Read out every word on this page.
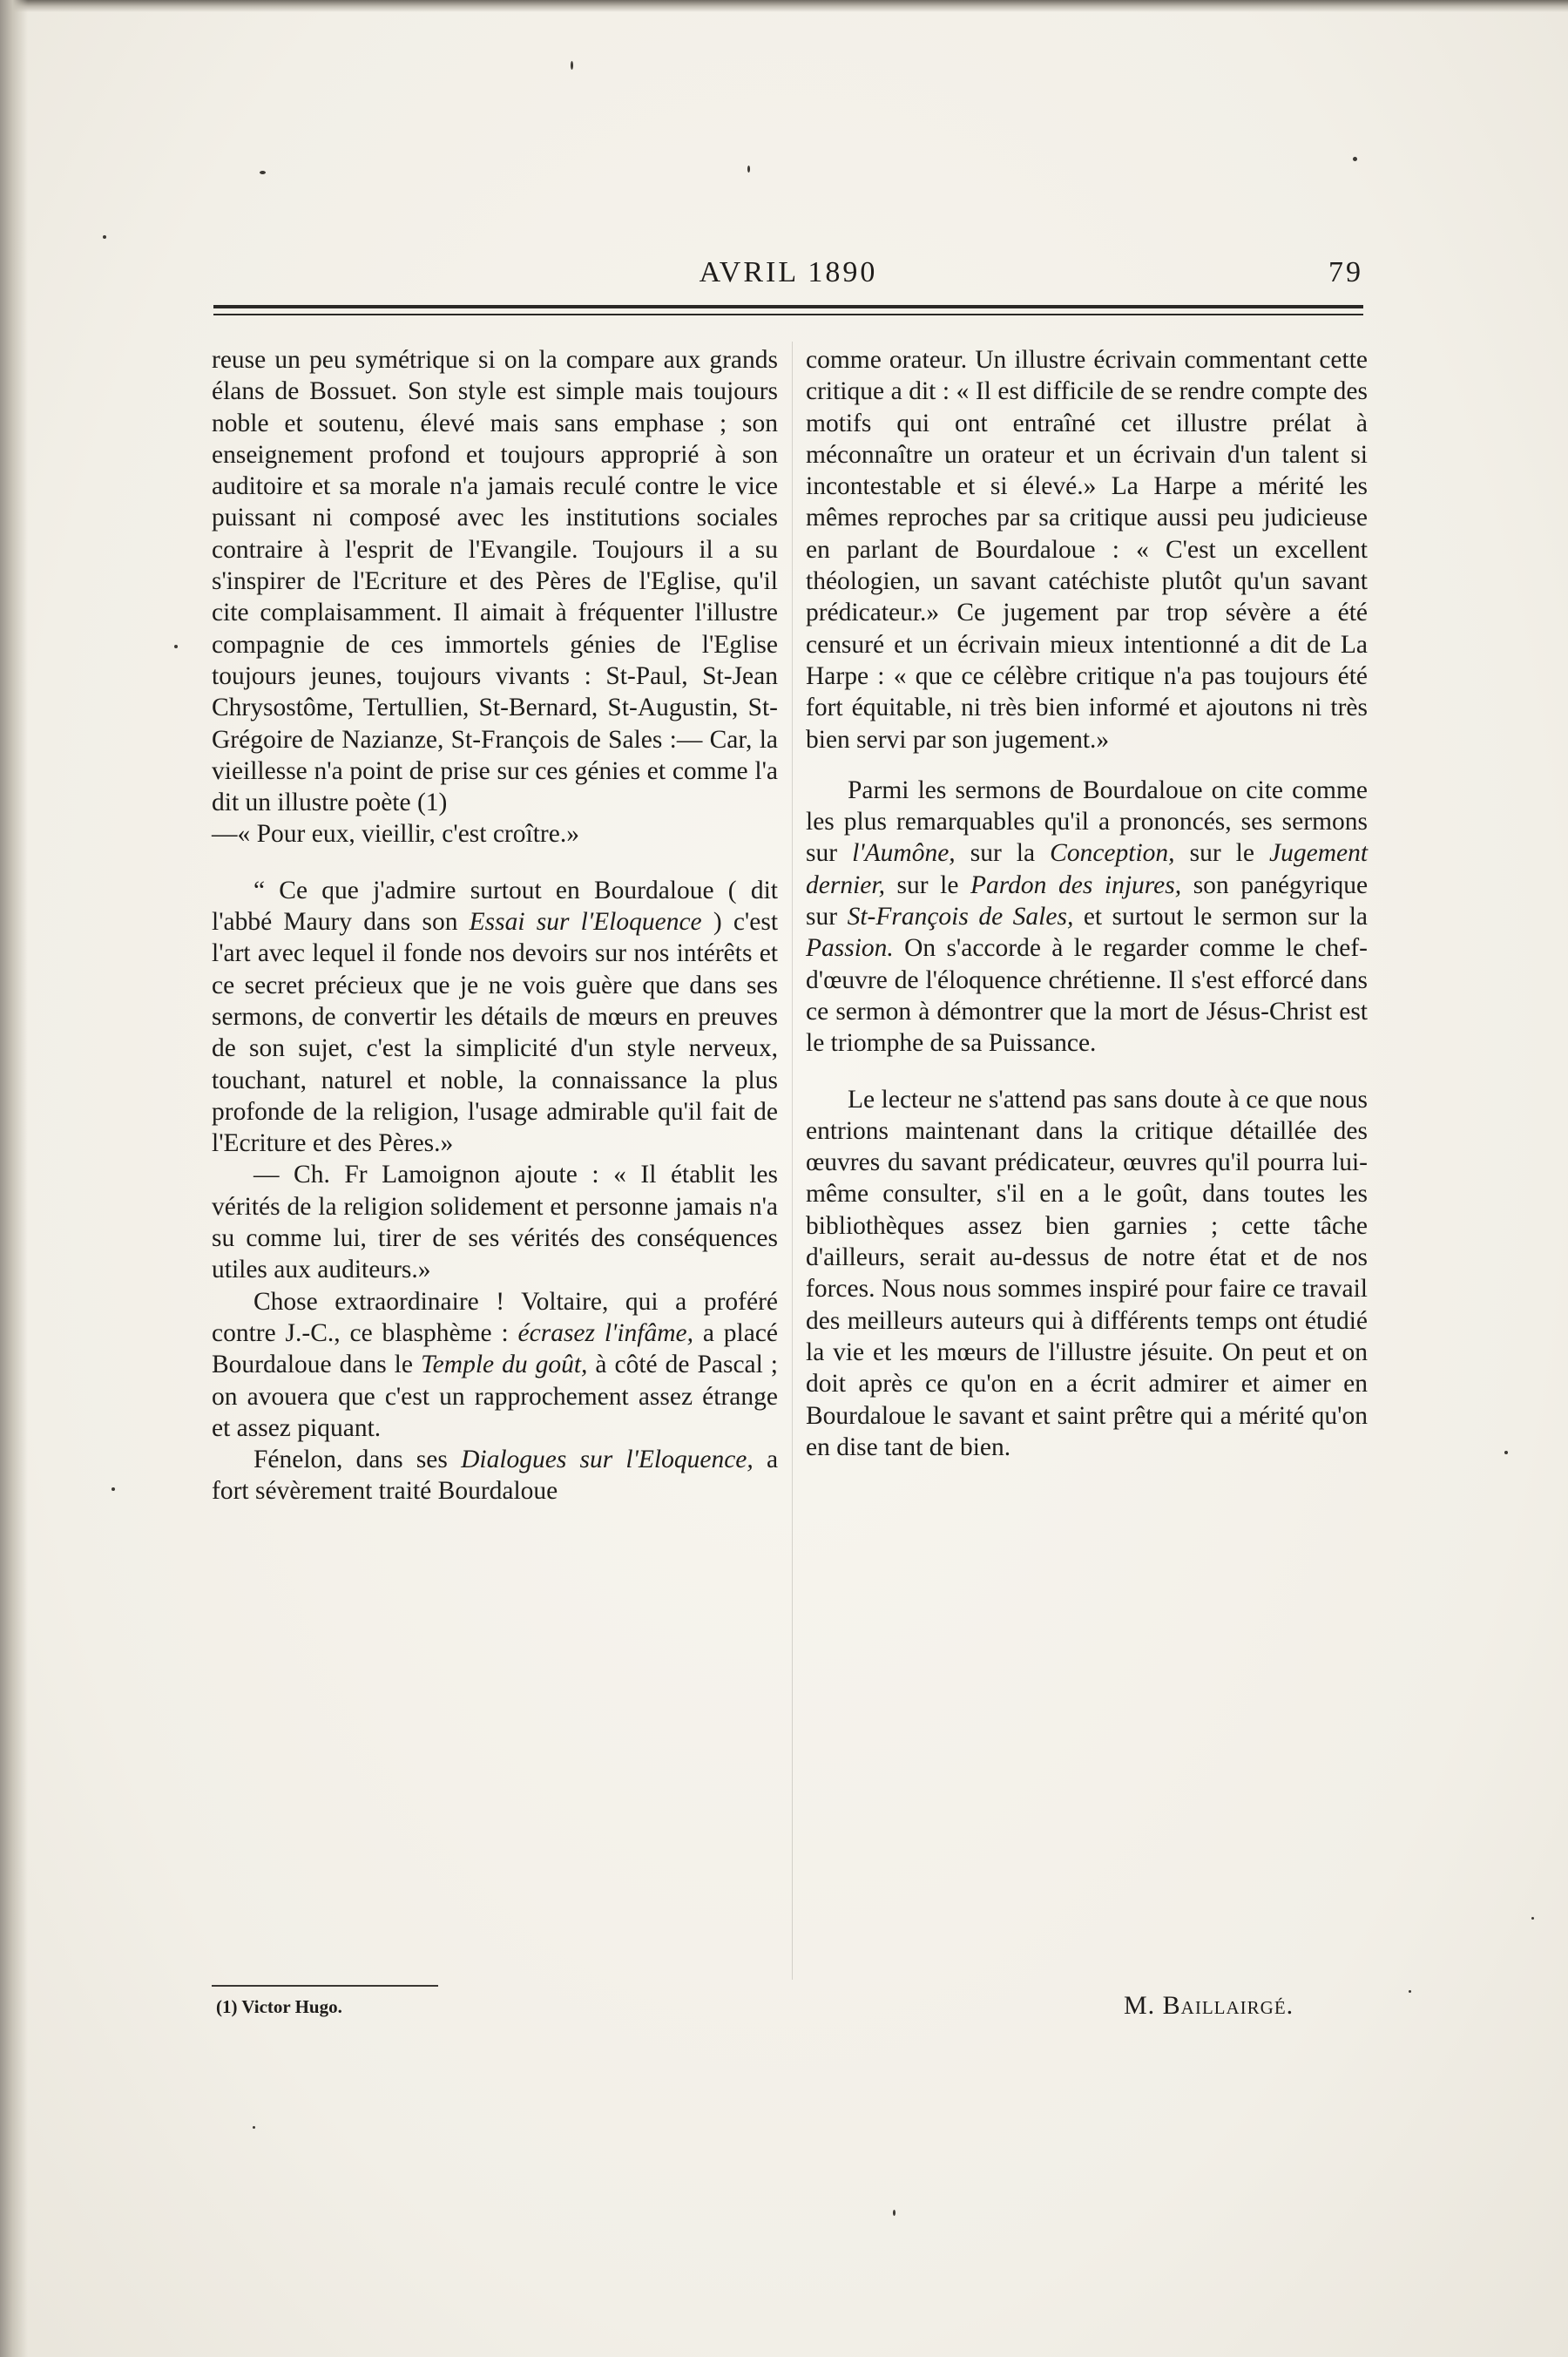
AVRIL 1890	79

reuse un peu symétrique si on la compare aux grands élans de Bossuet. Son style est simple mais toujours noble et soutenu, élevé mais sans emphase ; son enseignement profond et toujours approprié à son auditoire et sa morale n'a jamais reculé contre le vice puissant ni composé avec les institutions sociales contraire à l'esprit de l'Evangile. Toujours il a su s'inspirer de l'Ecriture et des Pères de l'Eglise, qu'il cite complaisamment. Il aimait à fréquenter l'illustre compagnie de ces immortels génies de l'Eglise toujours jeunes, toujours vivants : St-Paul, St-Jean Chrysostôme, Tertullien, St-Bernard, St-Augustin, St-Grégoire de Nazianze, St-François de Sales :— Car, la vieillesse n'a point de prise sur ces génies et comme l'a dit un illustre poète (1)
—« Pour eux, vieillir, c'est croître.»

“ Ce que j'admire surtout en Bourdaloue ( dit l'abbé Maury dans son Essai sur l'Eloquence ) c'est l'art avec lequel il fonde nos devoirs sur nos intérêts et ce secret précieux que je ne vois guère que dans ses sermons, de convertir les détails de mœurs en preuves de son sujet, c'est la simplicité d'un style nerveux, touchant, naturel et noble, la connaissance la plus profonde de la religion, l'usage admirable qu'il fait de l'Ecriture et des Pères.»

— Ch. Fr Lamoignon ajoute : « Il établit les vérités de la religion solidement et personne jamais n'a su comme lui, tirer de ses vérités des conséquences utiles aux auditeurs.»

Chose extraordinaire ! Voltaire, qui a proféré contre J.-C., ce blasphème : écrasez l'infâme, a placé Bourdaloue dans le Temple du goût, à côté de Pascal ; on avouera que c'est un rapprochement assez étrange et assez piquant.

Fénelon, dans ses Dialogues sur l'Eloquence, a fort sévèrement traité Bourdaloue

comme orateur. Un illustre écrivain commentant cette critique a dit : « Il est difficile de se rendre compte des motifs qui ont entraîné cet illustre prélat à méconnaître un orateur et un écrivain d'un talent si incontestable et si élevé.» La Harpe a mérité les mêmes reproches par sa critique aussi peu judicieuse en parlant de Bourdaloue : « C'est un excellent théologien, un savant catéchiste plutôt qu'un savant prédicateur.» Ce jugement par trop sévère a été censuré et un écrivain mieux intentionné a dit de La Harpe : « que ce célèbre critique n'a pas toujours été fort équitable, ni très bien informé et ajoutons ni très bien servi par son jugement.»

Parmi les sermons de Bourdaloue on cite comme les plus remarquables qu'il a prononcés, ses sermons sur l'Aumône, sur la Conception, sur le Jugement dernier, sur le Pardon des injures, son panégyrique sur St-François de Sales, et surtout le sermon sur la Passion. On s'accorde à le regarder comme le chef-d'œuvre de l'éloquence chrétienne. Il s'est efforcé dans ce sermon à démontrer que la mort de Jésus-Christ est le triomphe de sa Puissance.

Le lecteur ne s'attend pas sans doute à ce que nous entrions maintenant dans la critique détaillée des œuvres du savant prédicateur, œuvres qu'il pourra lui-même consulter, s'il en a le goût, dans toutes les bibliothèques assez bien garnies ; cette tâche d'ailleurs, serait au-dessus de notre état et de nos forces. Nous nous sommes inspiré pour faire ce travail des meilleurs auteurs qui à différents temps ont étudié la vie et les mœurs de l'illustre jésuite. On peut et on doit après ce qu'on en a écrit admirer et aimer en Bourdaloue le savant et saint prêtre qui a mérité qu'on en dise tant de bien.

(1) Victor Hugo.	M. Baillairgé.
